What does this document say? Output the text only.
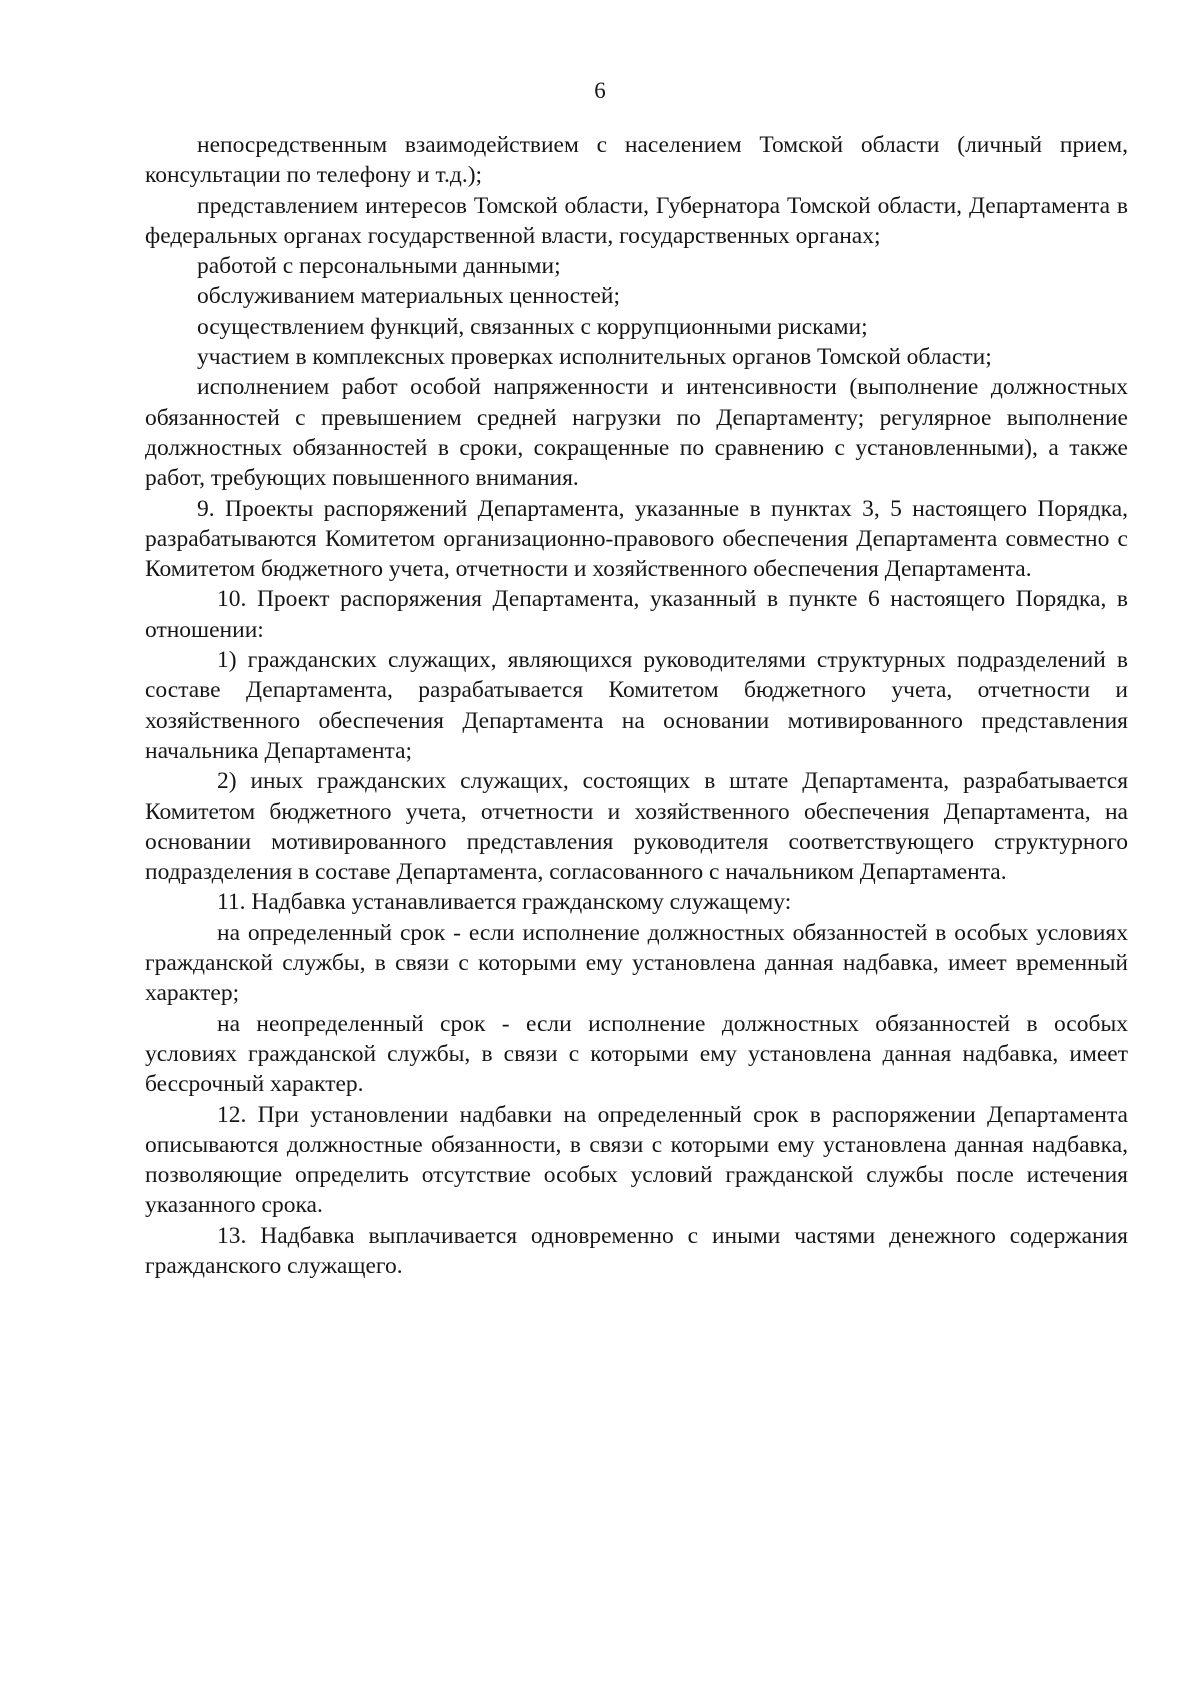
6

непосредственным взаимодействием с населением Томской области (личный прием, консультации по телефону и т.д.);

представлением интересов Томской области, Губернатора Томской области, Департамента в федеральных органах государственной власти, государственных органах;

работой с персональными данными;

обслуживанием материальных ценностей;

осуществлением функций, связанных с коррупционными рисками;

участием в комплексных проверках исполнительных органов Томской области;

исполнением работ особой напряженности и интенсивности (выполнение должностных обязанностей с превышением средней нагрузки по Департаменту; регулярное выполнение должностных обязанностей в сроки, сокращенные по сравнению с установленными), а также работ, требующих повышенного внимания.

9. Проекты распоряжений Департамента, указанные в пунктах 3, 5 настоящего Порядка, разрабатываются Комитетом организационно-правового обеспечения Департамента совместно с Комитетом бюджетного учета, отчетности и хозяйственного обеспечения Департамента.

10. Проект распоряжения Департамента, указанный в пункте 6 настоящего Порядка, в отношении:

1) гражданских служащих, являющихся руководителями структурных подразделений в составе Департамента, разрабатывается Комитетом бюджетного учета, отчетности и хозяйственного обеспечения Департамента на основании мотивированного представления начальника Департамента;

2) иных гражданских служащих, состоящих в штате Департамента, разрабатывается Комитетом бюджетного учета, отчетности и хозяйственного обеспечения Департамента, на основании мотивированного представления руководителя соответствующего структурного подразделения в составе Департамента, согласованного с начальником Департамента.

11. Надбавка устанавливается гражданскому служащему:

на определенный срок - если исполнение должностных обязанностей в особых условиях гражданской службы, в связи с которыми ему установлена данная надбавка, имеет временный характер;

на неопределенный срок - если исполнение должностных обязанностей в особых условиях гражданской службы, в связи с которыми ему установлена данная надбавка, имеет бессрочный характер.

12. При установлении надбавки на определенный срок в распоряжении Департамента описываются должностные обязанности, в связи с которыми ему установлена данная надбавка, позволяющие определить отсутствие особых условий гражданской службы после истечения указанного срока.

13. Надбавка выплачивается одновременно с иными частями денежного содержания гражданского служащего.
